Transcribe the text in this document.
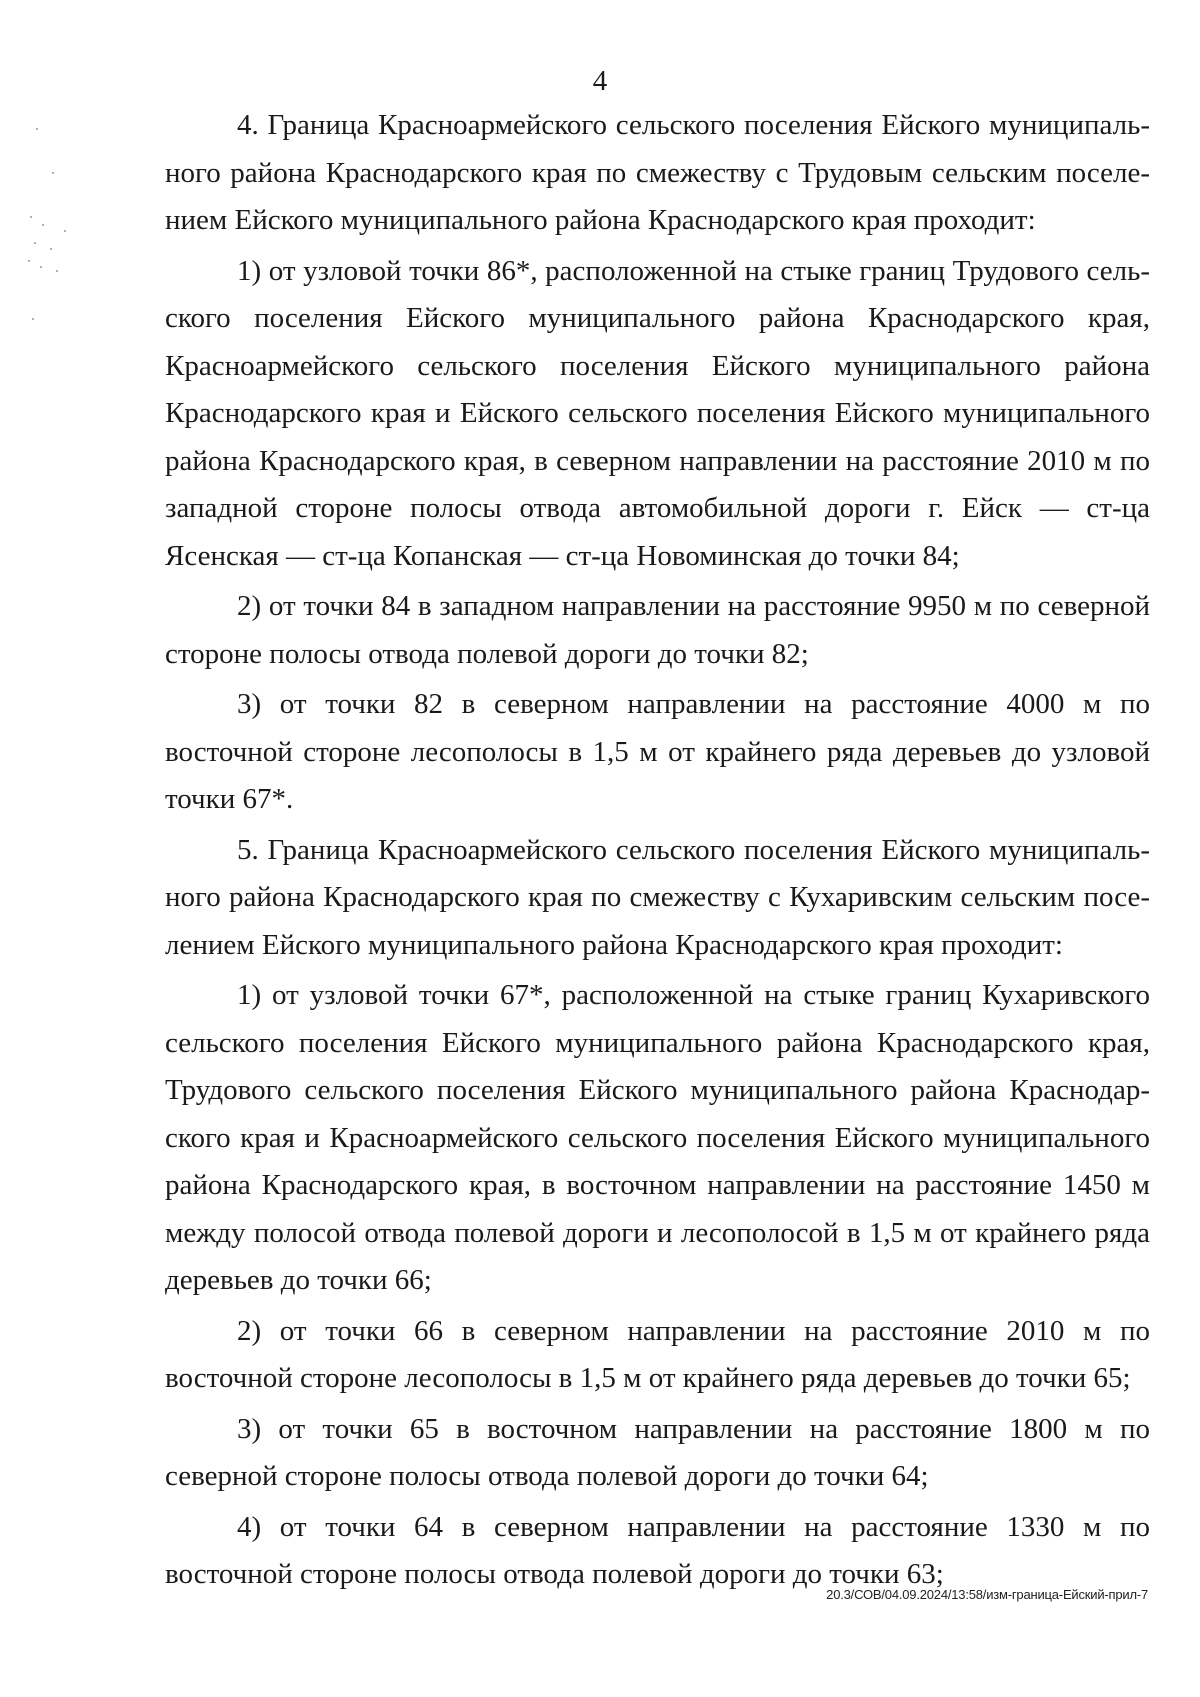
4

4. Граница Красноармейского сельского поселения Ейского муниципального района Краснодарского края по смежеству с Трудовым сельским поселением Ейского муниципального района Краснодарского края проходит:

1) от узловой точки 86*, расположенной на стыке границ Трудового сельского поселения Ейского муниципального района Краснодарского края, Красноармейского сельского поселения Ейского муниципального района Краснодарского края и Ейского сельского поселения Ейского муниципального района Краснодарского края, в северном направлении на расстояние 2010 м по западной стороне полосы отвода автомобильной дороги г. Ейск — ст-ца Ясенская — ст-ца Копанская — ст-ца Новоминская до точки 84;

2) от точки 84 в западном направлении на расстояние 9950 м по северной стороне полосы отвода полевой дороги до точки 82;

3) от точки 82 в северном направлении на расстояние 4000 м по восточной стороне лесополосы в 1,5 м от крайнего ряда деревьев до узловой точки 67*.

5. Граница Красноармейского сельского поселения Ейского муниципального района Краснодарского края по смежеству с Кухаривским сельским поселением Ейского муниципального района Краснодарского края проходит:

1) от узловой точки 67*, расположенной на стыке границ Кухаривского сельского поселения Ейского муниципального района Краснодарского края, Трудового сельского поселения Ейского муниципального района Краснодарского края и Красноармейского сельского поселения Ейского муниципального района Краснодарского края, в восточном направлении на расстояние 1450 м между полосой отвода полевой дороги и лесополосой в 1,5 м от крайнего ряда деревьев до точки 66;

2) от точки 66 в северном направлении на расстояние 2010 м по восточной стороне лесополосы в 1,5 м от крайнего ряда деревьев до точки 65;

3) от точки 65 в восточном направлении на расстояние 1800 м по северной стороне полосы отвода полевой дороги до точки 64;

4) от точки 64 в северном направлении на расстояние 1330 м по восточной стороне полосы отвода полевой дороги до точки 63;

20.3/СОВ/04.09.2024/13:58/изм-граница-Ейский-прил-7
